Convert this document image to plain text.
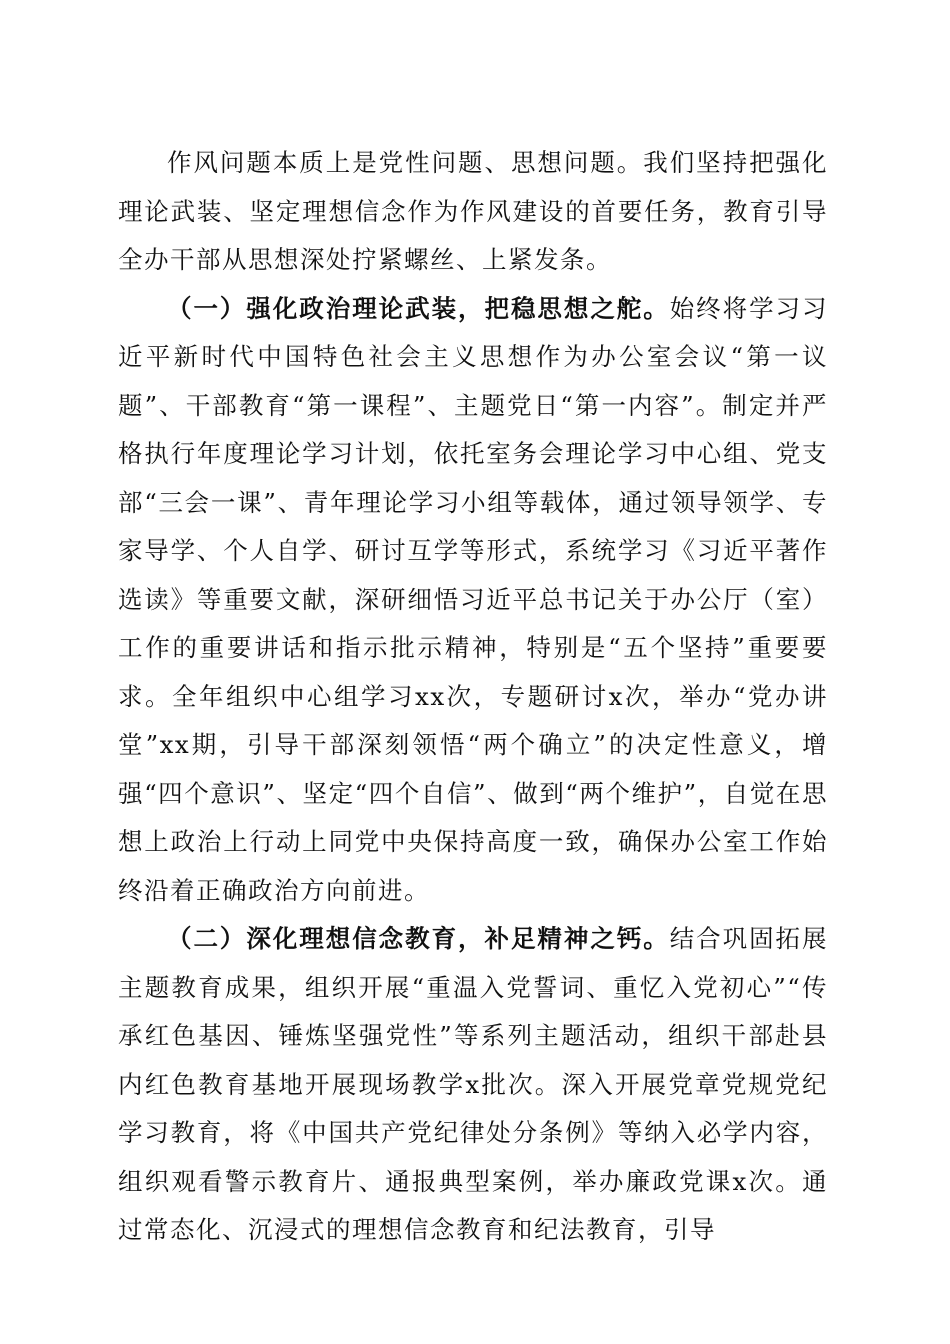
作风问题本质上是党性问题、思想问题。我们坚持把强化理论武装、坚定理想信念作为作风建设的首要任务，教育引导全办干部从思想深处拧紧螺丝、上紧发条。

（一）强化政治理论武装，把稳思想之舵。始终将学习习近平新时代中国特色社会主义思想作为办公室会议“第一议题”、干部教育“第一课程”、主题党日“第一内容”。制定并严格执行年度理论学习计划，依托室务会理论学习中心组、党支部“三会一课”、青年理论学习小组等载体，通过领导领学、专家导学、个人自学、研讨互学等形式，系统学习《习近平著作选读》等重要文献，深研细悟习近平总书记关于办公厅（室）工作的重要讲话和指示批示精神，特别是“五个坚持”重要要求。全年组织中心组学习xx次，专题研讨x次，举办“党办讲堂”xx期，引导干部深刻领悟“两个确立”的决定性意义，增强“四个意识”、坚定“四个自信”、做到“两个维护”，自觉在思想上政治上行动上同党中央保持高度一致，确保办公室工作始终沿着正确政治方向前进。

（二）深化理想信念教育，补足精神之钙。结合巩固拓展主题教育成果，组织开展“重温入党誓词、重忆入党初心”“传承红色基因、锤炼坚强党性”等系列主题活动，组织干部赴县内红色教育基地开展现场教学x批次。深入开展党章党规党纪学习教育，将《中国共产党纪律处分条例》等纳入必学内容，组织观看警示教育片、通报典型案例，举办廉政党课x次。通过常态化、沉浸式的理想信念教育和纪法教育，引导
